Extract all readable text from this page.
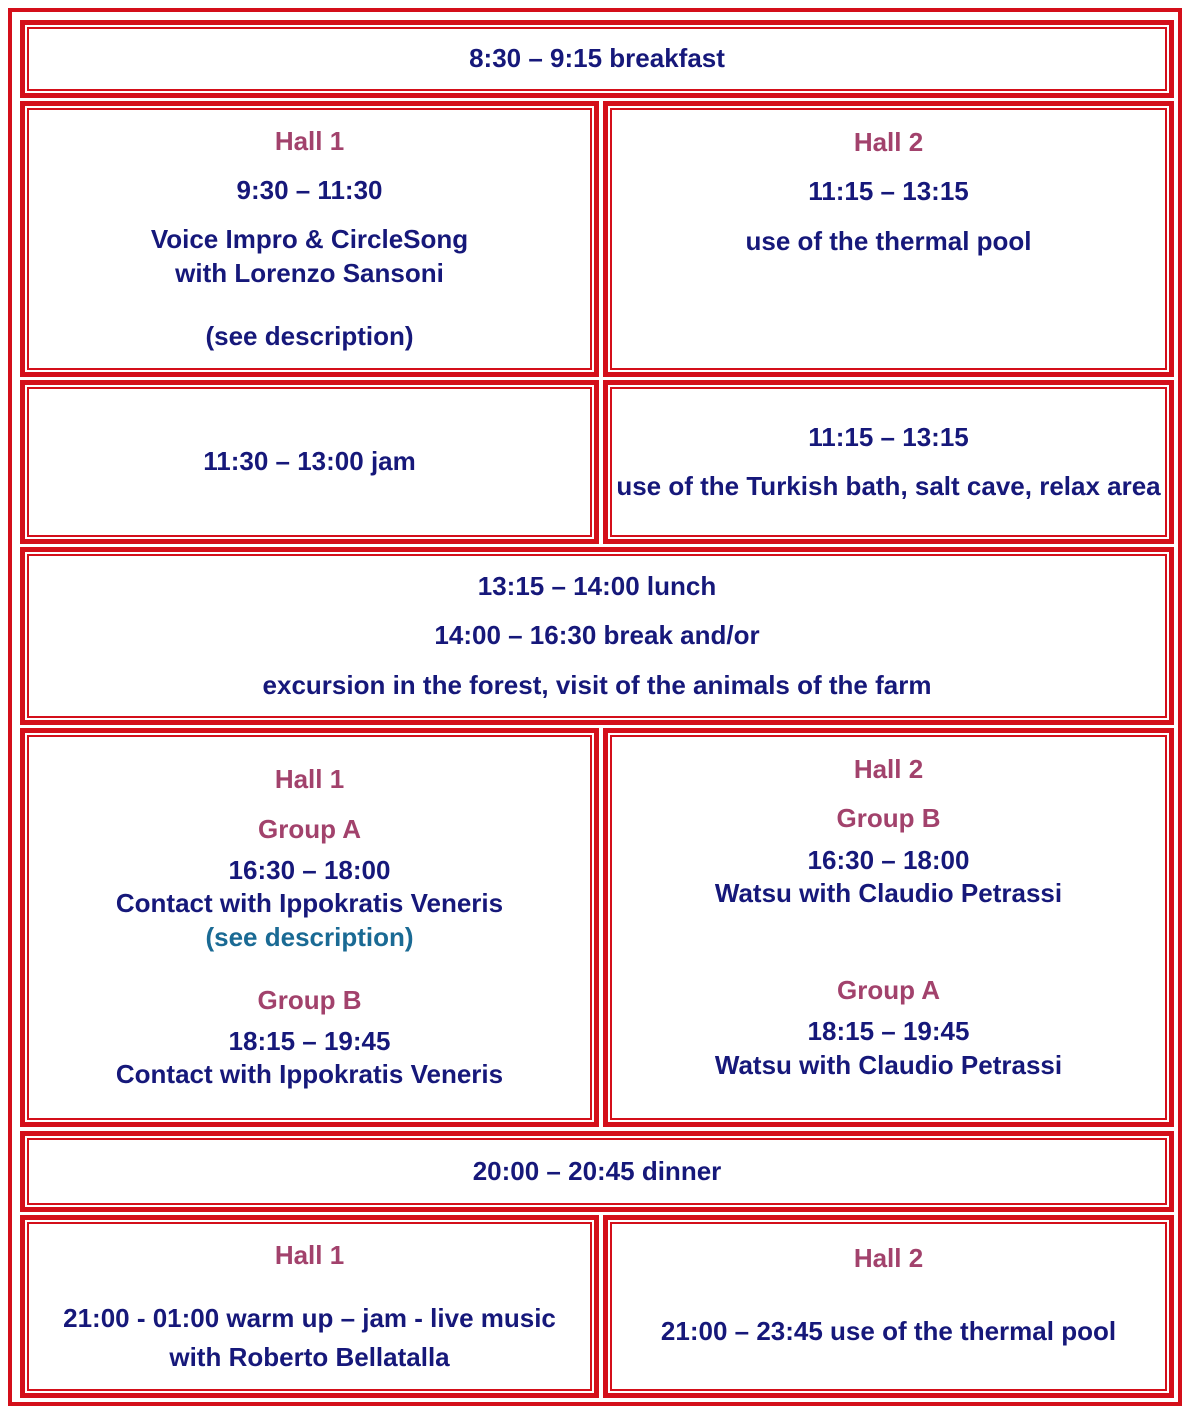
8:30 – 9:15 breakfast
Hall 1
9:30 – 11:30
Voice Impro & CircleSong
with Lorenzo Sansoni
(see description)
Hall 2
11:15 – 13:15
use of the thermal pool
11:30 – 13:00 jam
11:15 – 13:15
use of the Turkish bath, salt cave, relax area
13:15 – 14:00 lunch
14:00 – 16:30 break and/or
excursion in the forest, visit of the animals of the farm
Hall 1
Group A
16:30 – 18:00
Contact with Ippokratis Veneris
(see description)
Group B
18:15 – 19:45
Contact with Ippokratis Veneris
Hall 2
Group B
16:30 – 18:00
Watsu with Claudio Petrassi
Group A
18:15 – 19:45
Watsu with Claudio Petrassi
20:00 – 20:45 dinner
Hall 1
21:00 - 01:00 warm up – jam - live music
with Roberto Bellatalla
Hall 2
21:00 – 23:45 use of the thermal pool
